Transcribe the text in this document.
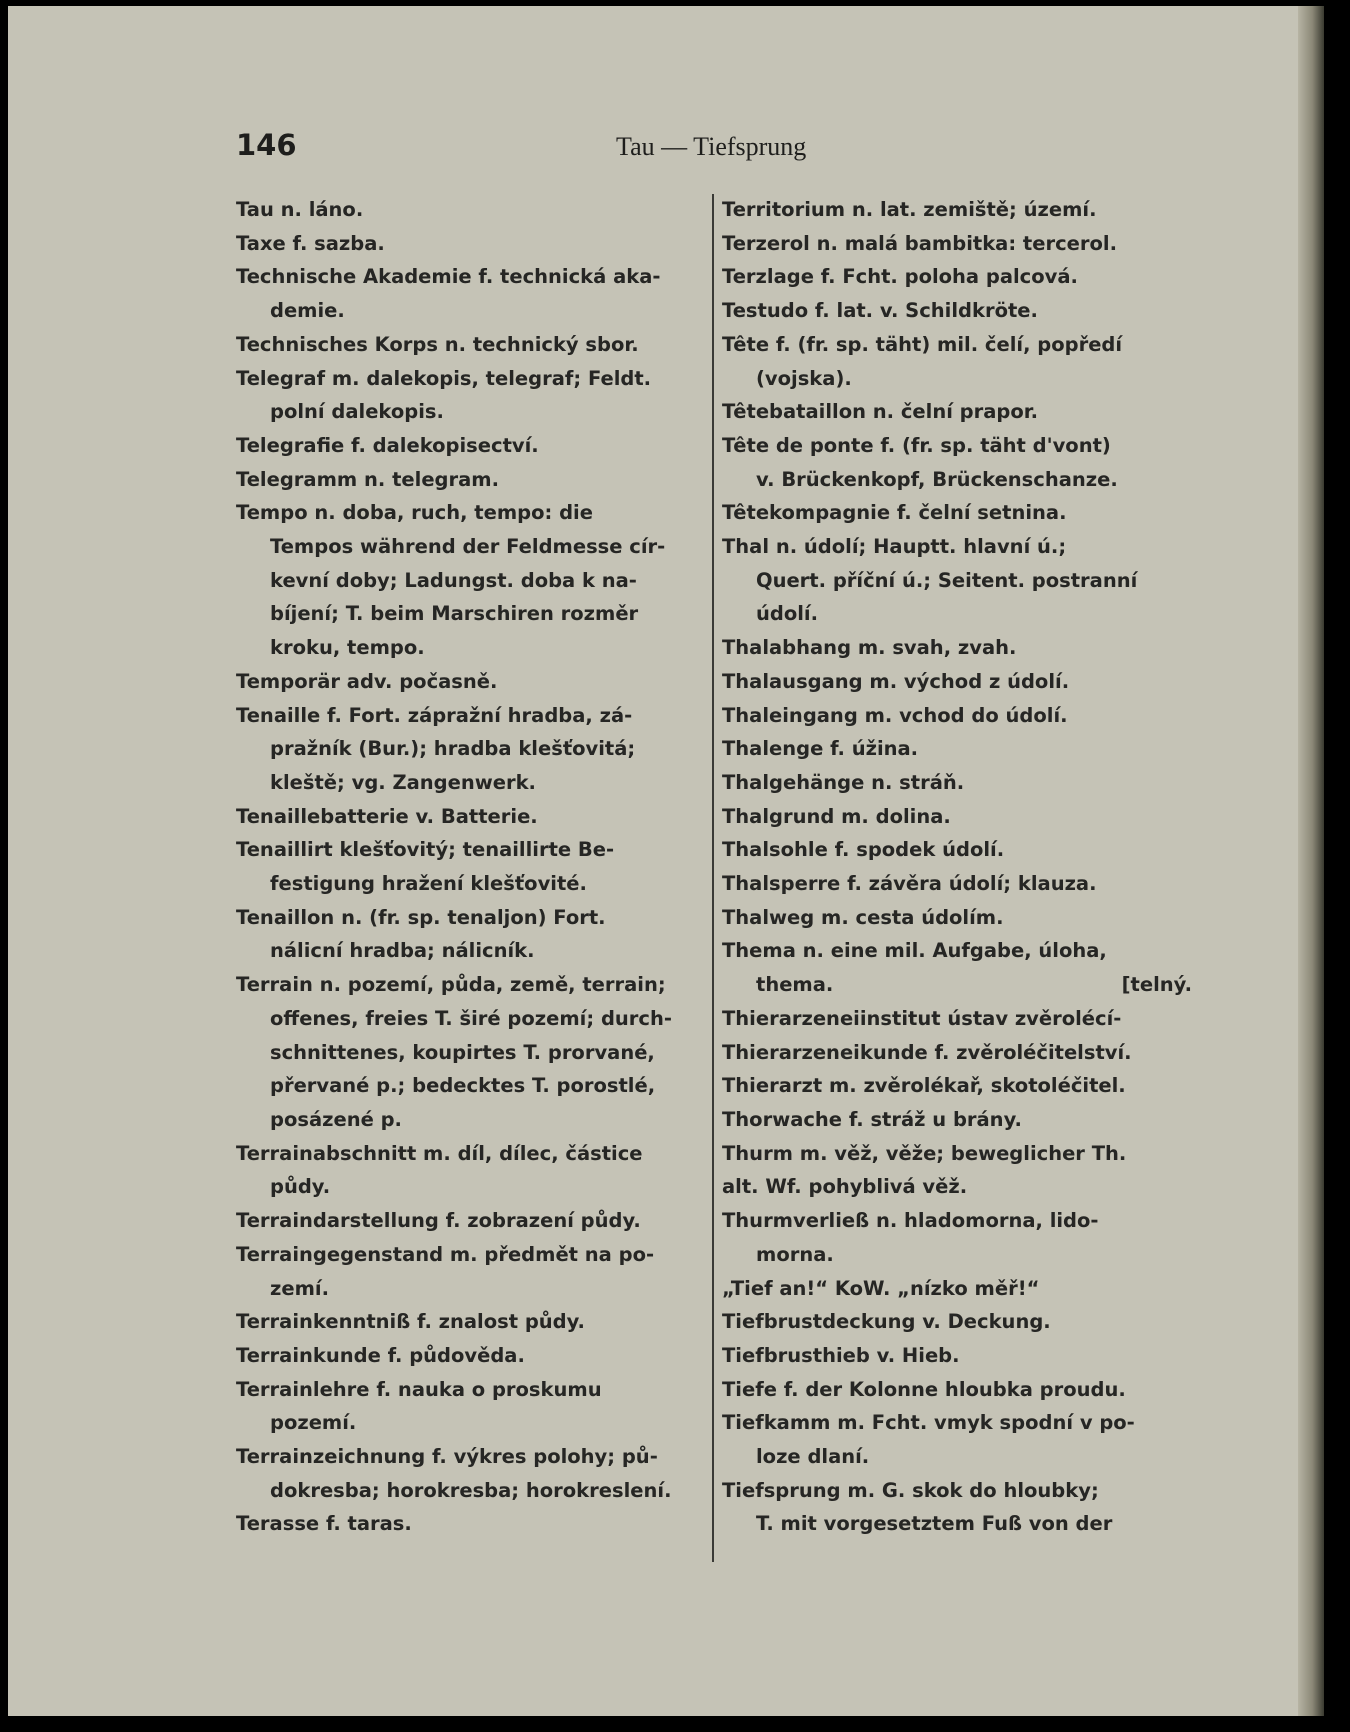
146	Tau — Tiefsprung
Tau n. láno.
Taxe f. sazba.
Technische Akademie f. technická aka-
demie.
Technisches Korps n. technický sbor.
Telegraf m. dalekopis, telegraf; Feldt.
polní dalekopis.
Telegrafie f. dalekopisectví.
Telegramm n. telegram.
Tempo n. doba, ruch, tempo: die
Tempos während der Feldmesse cír-
kevní doby; Ladungst. doba k na-
bíjení; T. beim Marschiren rozměr
kroku, tempo.
Temporär adv. počasně.
Tenaille f. Fort. zápražní hradba, zá-
pražník (Bur.); hradba klešťovitá;
kleště; vg. Zangenwerk.
Tenaillebatterie v. Batterie.
Tenaillirt klešťovitý; tenaillirte Be-
festigung hražení klešťovité.
Tenaillon n. (fr. sp. tenaljon) Fort.
nálicní hradba; nálicník.
Terrain n. pozemí, půda, země, terrain;
offenes, freies T. širé pozemí; durch-
schnittenes, koupirtes T. prorvané,
přervané p.; bedecktes T. porostlé,
posázené p.
Terrainabschnitt m. díl, dílec, částice
půdy.
Terraindarstellung f. zobrazení půdy.
Terraingegenstand m. předmět na po-
zemí.
Terrainkenntniß f. znalost půdy.
Terrainkunde f. půdověda.
Terrainlehre f. nauka o proskumu
pozemí.
Terrainzeichnung f. výkres polohy; pů-
dokresba; horokresba; horokreslení.
Terasse f. taras.
Territorium n. lat. zemiště; území.
Terzerol n. malá bambitka: tercerol.
Terzlage f. Fcht. poloha palcová.
Testudo f. lat. v. Schildkröte.
Tête f. (fr. sp. täht) mil. čelí, popředí
(vojska).
Têtebataillon n. čelní prapor.
Tête de ponte f. (fr. sp. täht d'vont)
v. Brückenkopf, Brückenschanze.
Têtekompagnie f. čelní setnina.
Thal n. údolí; Hauptt. hlavní ú.;
Quert. příční ú.; Seitent. postranní
údolí.
Thalabhang m. svah, zvah.
Thalausgang m. východ z údolí.
Thaleingang m. vchod do údolí.
Thalenge f. úžina.
Thalgehänge n. stráň.
Thalgrund m. dolina.
Thalsohle f. spodek údolí.
Thalsperre f. závěra údolí; klauza.
Thalweg m. cesta údolím.
Thema n. eine mil. Aufgabe, úloha,
thema.	[telný.
Thierarzeneiinstitut ústav zvěrolécí-
Thierarzeneikunde f. zvěroléčitelství.
Thierarzt m. zvěrolékař, skotoléčitel.
Thorwache f. stráž u brány.
Thurm m. věž, věže; beweglicher Th.
alt. Wf. pohyblivá věž.
Thurmverließ n. hladomorna, lido-
morna.
„Tief an!“ KoW. „nízko měř!“
Tiefbrustdeckung v. Deckung.
Tiefbrusthieb v. Hieb.
Tiefe f. der Kolonne hloubka proudu.
Tiefkamm m. Fcht. vmyk spodní v po-
loze dlaní.
Tiefsprung m. G. skok do hloubky;
T. mit vorgesetztem Fuß von der
